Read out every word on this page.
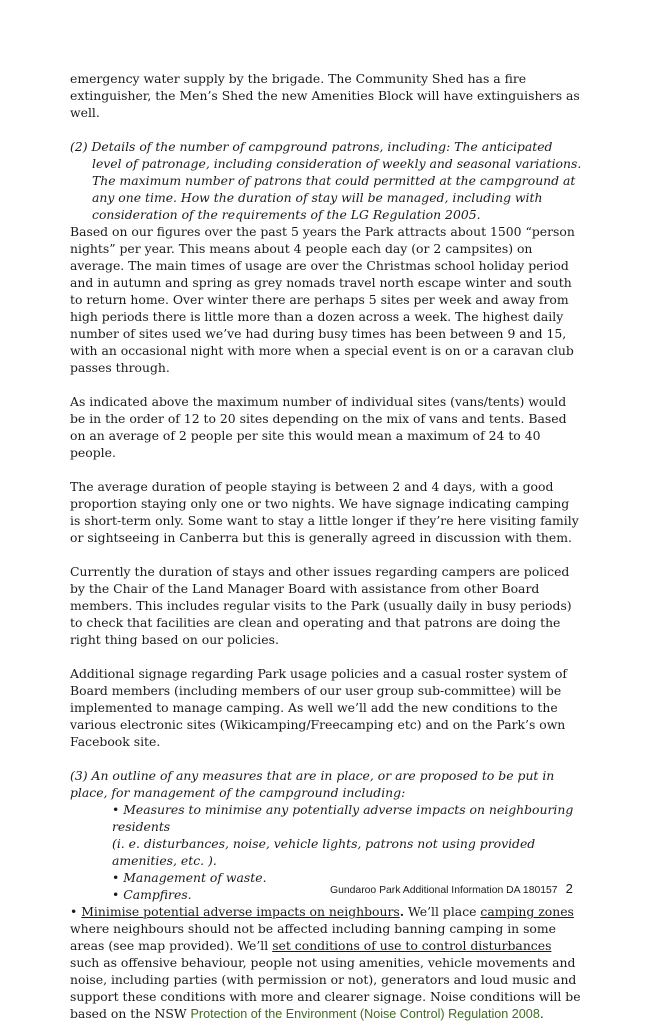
emergency water supply by the brigade. The Community Shed has a fire extinguisher, the Men’s Shed the new Amenities Block will have extinguishers as well.

(2) Details of the number of campground patrons, including: The anticipated level of patronage, including consideration of weekly and seasonal variations. The maximum number of patrons that could permitted at the campground at any one time. How the duration of stay will be managed, including with consideration of the requirements of the LG Regulation 2005.

Based on our figures over the past 5 years the Park attracts about 1500 “person nights” per year. This means about 4 people each day (or 2 campsites) on average. The main times of usage are over the Christmas school holiday period and in autumn and spring as grey nomads travel north escape winter and south to return home. Over winter there are perhaps 5 sites per week and away from high periods there is little more than a dozen across a week. The highest daily number of sites used we’ve had during busy times has been between 9 and 15, with an occasional night with more when a special event is on or a caravan club passes through.

As indicated above the maximum number of individual sites (vans/tents) would be in the order of 12 to 20 sites depending on the mix of vans and tents. Based on an average of 2 people per site this would mean a maximum of 24 to 40 people.

The average duration of people staying is between 2 and 4 days, with a good proportion staying only one or two nights. We have signage indicating camping is short-term only. Some want to stay a little longer if they’re here visiting family or sightseeing in Canberra but this is generally agreed in discussion with them.

Currently the duration of stays and other issues regarding campers are policed by the Chair of the Land Manager Board with assistance from other Board members. This includes regular visits to the Park (usually daily in busy periods) to check that facilities are clean and operating and that patrons are doing the right thing based on our policies.

Additional signage regarding Park usage policies and a casual roster system of Board members (including members of our user group sub-committee) will be implemented to manage camping. As well we’ll add the new conditions to the various electronic sites (Wikicamping/Freecamping etc) and on the Park’s own Facebook site.

(3) An outline of any measures that are in place, or are proposed to be put in place, for management of the campground including:

• Measures to minimise any potentially adverse impacts on neighbouring residents

(i. e. disturbances, noise, vehicle lights, patrons not using provided amenities, etc. ).

• Management of waste.

• Campfires.

• Minimise potential adverse impacts on neighbours. We’ll place camping zones where neighbours should not be affected including banning camping in some areas (see map provided). We’ll set conditions of use to control disturbances such as offensive behaviour, people not using amenities, vehicle movements and noise, including parties (with permission or not), generators and loud music and support these conditions with more and clearer signage. Noise conditions will be based on the NSW Protection of the Environment (Noise Control) Regulation 2008.

Gundaroo Park Additional Information DA 180157 2
